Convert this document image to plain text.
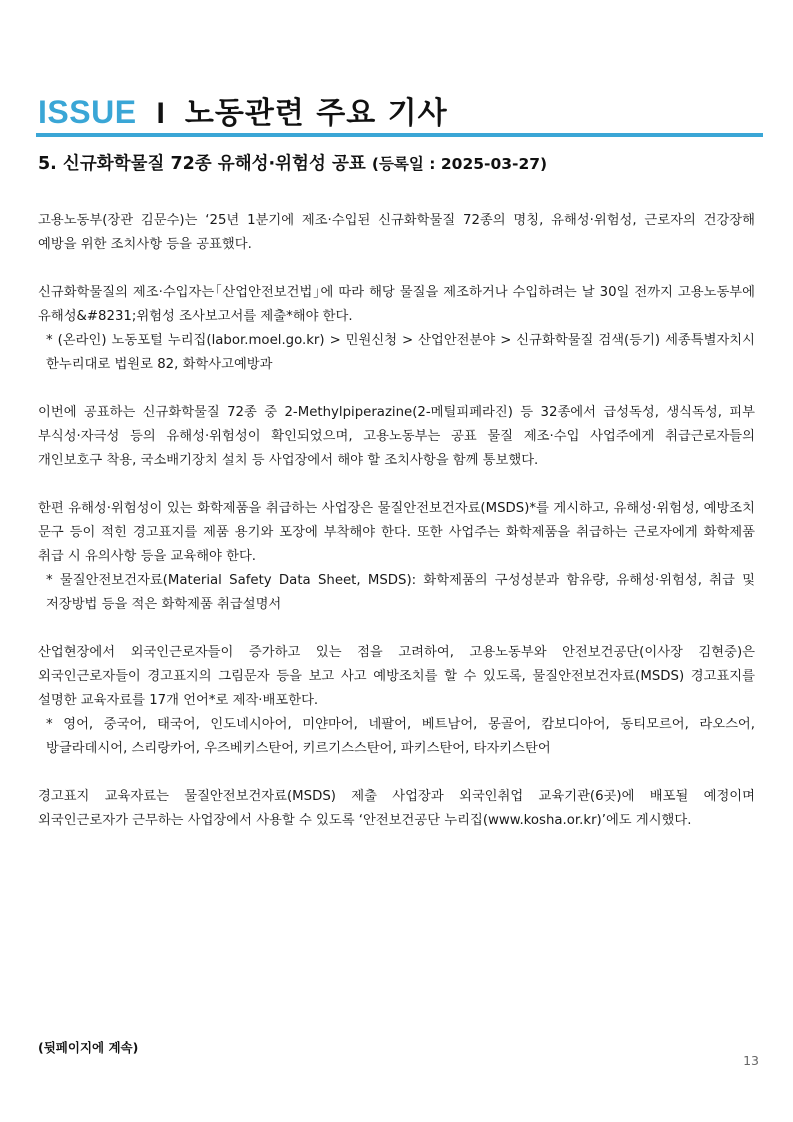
ISSUE I 노동관련 주요 기사
5. 신규화학물질 72종 유해성·위험성 공표 (등록일 : 2025-03-27)

고용노동부(장관 김문수)는 ‘25년 1분기에 제조·수입된 신규화학물질 72종의 명칭, 유해성·위험성, 근로자의 건강장해 예방을 위한 조치사항 등을 공표했다.

신규화학물질의 제조·수입자는｢산업안전보건법｣에 따라 해당 물질을 제조하거나 수입하려는 날 30일 전까지 고용노동부에 유해성&#8231;위험성 조사보고서를 제출*해야 한다.

* (온라인) 노동포털 누리집(labor.moel.go.kr) > 민원신청 > 산업안전분야 > 신규화학물질 검색(등기) 세종특별자치시 한누리대로 법원로 82, 화학사고예방과

이번에 공표하는 신규화학물질 72종 중 2-Methylpiperazine(2-메틸피페라진) 등 32종에서 급성독성, 생식독성, 피부 부식성·자극성 등의 유해성·위험성이 확인되었으며, 고용노동부는 공표 물질 제조·수입 사업주에게 취급근로자들의 개인보호구 착용, 국소배기장치 설치 등 사업장에서 해야 할 조치사항을 함께 통보했다.

한편 유해성·위험성이 있는 화학제품을 취급하는 사업장은 물질안전보건자료(MSDS)*를 게시하고, 유해성·위험성, 예방조치 문구 등이 적힌 경고표지를 제품 용기와 포장에 부착해야 한다. 또한 사업주는 화학제품을 취급하는 근로자에게 화학제품 취급 시 유의사항 등을 교육해야 한다.

* 물질안전보건자료(Material Safety Data Sheet, MSDS): 화학제품의 구성성분과 함유량, 유해성·위험성, 취급 및 저장방법 등을 적은 화학제품 취급설명서

산업현장에서 외국인근로자들이 증가하고 있는 점을 고려하여, 고용노동부와 안전보건공단(이사장 김현중)은 외국인근로자들이 경고표지의 그림문자 등을 보고 사고 예방조치를 할 수 있도록, 물질안전보건자료(MSDS) 경고표지를 설명한 교육자료를 17개 언어*로 제작·배포한다.

* 영어, 중국어, 태국어, 인도네시아어, 미얀마어, 네팔어, 베트남어, 몽골어, 캄보디아어, 동티모르어, 라오스어, 방글라데시어, 스리랑카어, 우즈베키스탄어, 키르기스스탄어, 파키스탄어, 타자키스탄어

경고표지 교육자료는 물질안전보건자료(MSDS) 제출 사업장과 외국인취업 교육기관(6곳)에 배포될 예정이며 외국인근로자가 근무하는 사업장에서 사용할 수 있도록 ‘안전보건공단 누리집(www.kosha.or.kr)’에도 게시했다.

(뒷페이지에 계속)
13
